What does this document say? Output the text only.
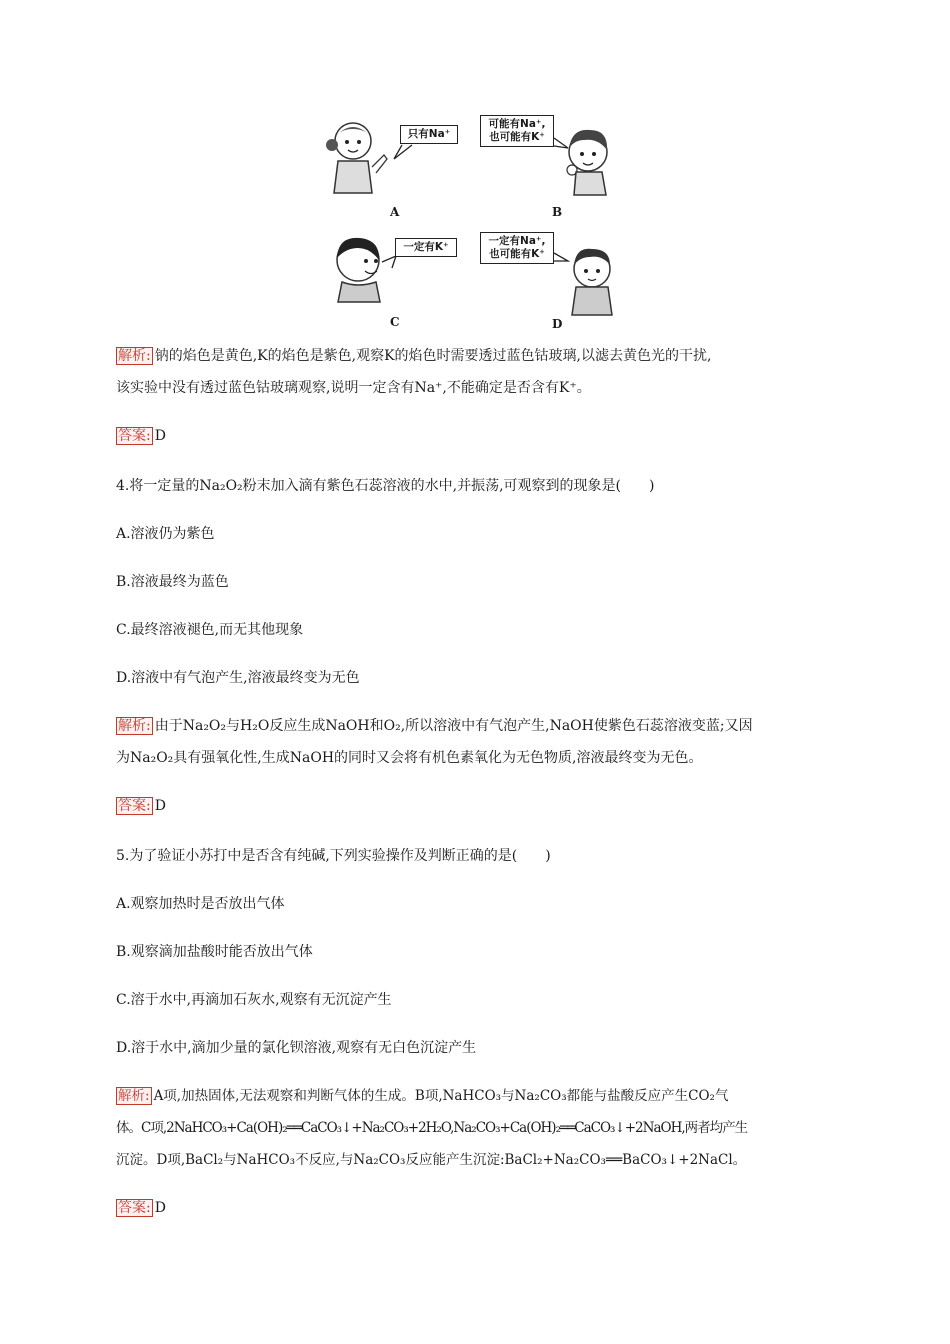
只有Na⁺
A
可能有Na⁺,
也可能有K⁺
B
一定有K⁺
C
一定有Na⁺,
也可能有K⁺
D
解析: 钠的焰色是黄色,K的焰色是紫色,观察K的焰色时需要透过蓝色钴玻璃,以滤去黄色光的干扰,
该实验中没有透过蓝色钴玻璃观察,说明一定含有Na⁺,不能确定是否含有K⁺。
答案: D
4.将一定量的Na₂O₂粉末加入滴有紫色石蕊溶液的水中,并振荡,可观察到的现象是(　　)
A.溶液仍为紫色
B.溶液最终为蓝色
C.最终溶液褪色,而无其他现象
D.溶液中有气泡产生,溶液最终变为无色
解析: 由于Na₂O₂与H₂O反应生成NaOH和O₂,所以溶液中有气泡产生,NaOH使紫色石蕊溶液变蓝;又因
为Na₂O₂具有强氧化性,生成NaOH的同时又会将有机色素氧化为无色物质,溶液最终变为无色。
答案: D
5.为了验证小苏打中是否含有纯碱,下列实验操作及判断正确的是(　　)
A.观察加热时是否放出气体
B.观察滴加盐酸时能否放出气体
C.溶于水中,再滴加石灰水,观察有无沉淀产生
D.溶于水中,滴加少量的氯化钡溶液,观察有无白色沉淀产生
解析: A项,加热固体,无法观察和判断气体的生成。B项,NaHCO₃与Na₂CO₃都能与盐酸反应产生CO₂气
体。C项,2NaHCO₃+Ca(OH)₂══CaCO₃↓+Na₂CO₃+2H₂O,Na₂CO₃+Ca(OH)₂══CaCO₃↓+2NaOH,两者均产生
沉淀。D项,BaCl₂与NaHCO₃不反应,与Na₂CO₃反应能产生沉淀:BaCl₂+Na₂CO₃══BaCO₃↓+2NaCl。
答案: D
